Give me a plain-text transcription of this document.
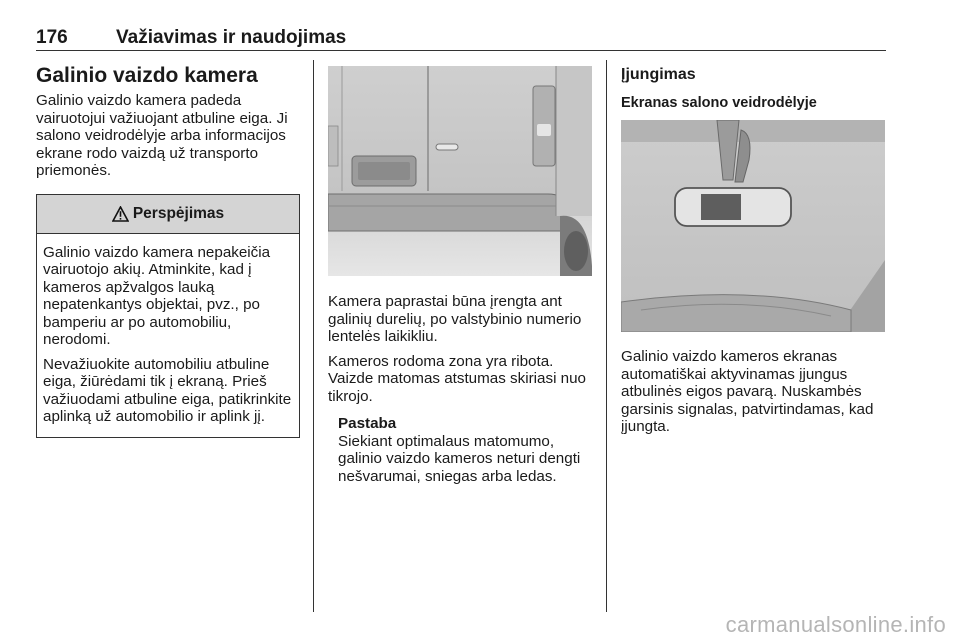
176	Važiavimas ir naudojimas
Galinio vaizdo kamera

Galinio vaizdo kamera padeda vairuotojui važiuojant atbuline eiga. Ji salono veidrodėlyje arba informacijos ekrane rodo vaizdą už transporto priemonės.

Perspėjimas

Galinio vaizdo kamera nepakeičia vairuotojo akių. Atminkite, kad į kameros apžvalgos lauką nepatenkantys objektai, pvz., po bamperiu ar po automobiliu, nerodomi.

Nevažiuokite automobiliu atbuline eiga, žiūrėdami tik į ekraną. Prieš važiuodami atbuline eiga, patikrinkite aplinką už automobilio ir aplink jį.

Kamera paprastai būna įrengta ant galinių durelių, po valstybinio numerio lentelės laikikliu.

Kameros rodoma zona yra ribota. Vaizde matomas atstumas skiriasi nuo tikrojo.

Pastaba
Siekiant optimalaus matomumo, galinio vaizdo kameros neturi dengti nešvarumai, sniegas arba ledas.
Įjungimas
Ekranas salono veidrodėlyje

Galinio vaizdo kameros ekranas automatiškai aktyvinamas įjungus atbulinės eigos pavarą. Nuskambės garsinis signalas, patvirtindamas, kad įjungta.

carmanualsonline.info
